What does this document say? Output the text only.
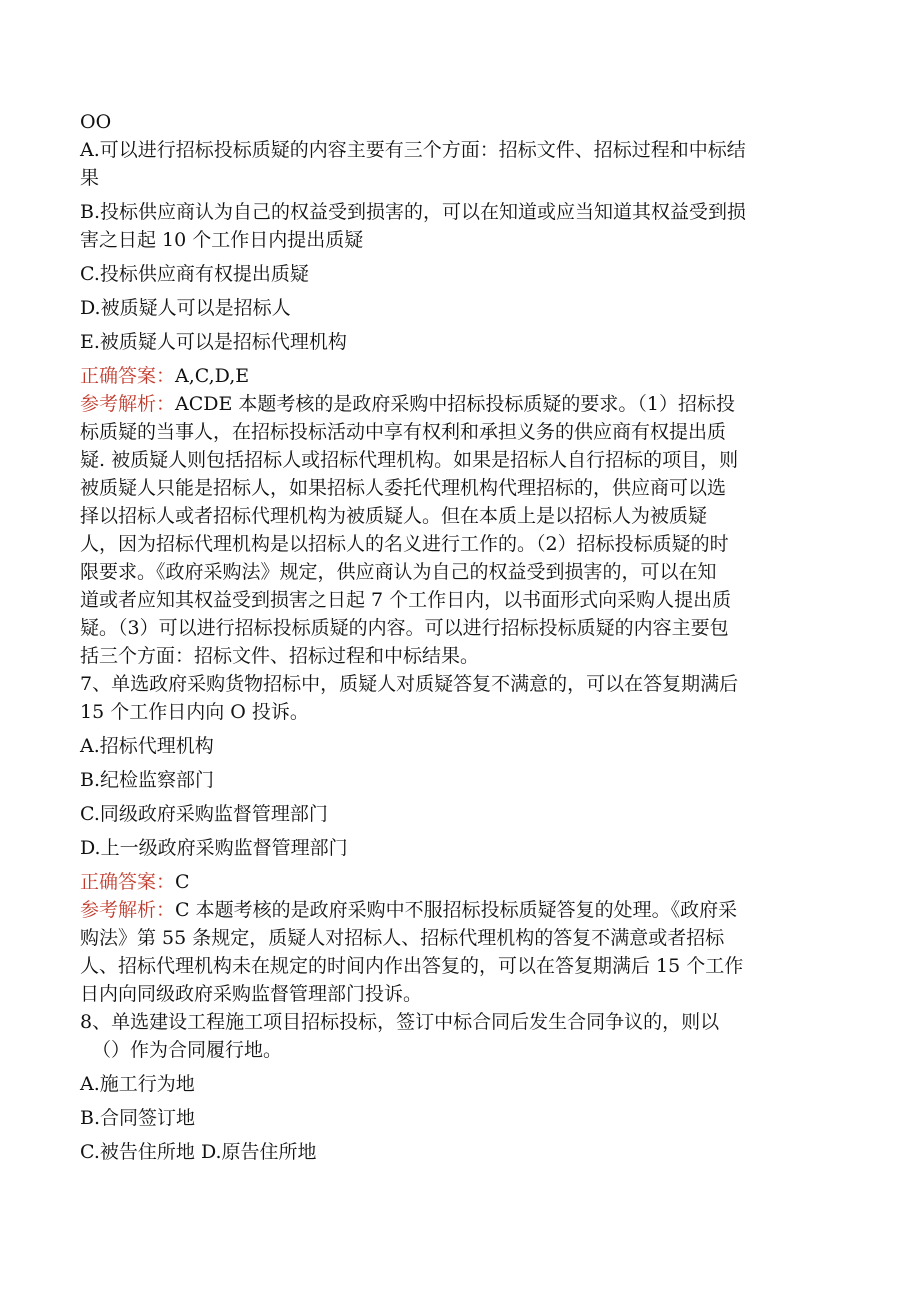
OO
A.可以进行招标投标质疑的内容主要有三个方面：招标文件、招标过程和中标结
果
B.投标供应商认为自己的权益受到损害的，可以在知道或应当知道其权益受到损
害之日起 10 个工作日内提出质疑
C.投标供应商有权提出质疑
D.被质疑人可以是招标人
E.被质疑人可以是招标代理机构
正确答案：A,C,D,E
参考解析：ACDE 本题考核的是政府采购中招标投标质疑的要求。（1）招标投
标质疑的当事人，在招标投标活动中享有权利和承担义务的供应商有权提出质
疑. 被质疑人则包括招标人或招标代理机构。如果是招标人自行招标的项目，则
被质疑人只能是招标人，如果招标人委托代理机构代理招标的，供应商可以选
择以招标人或者招标代理机构为被质疑人。但在本质上是以招标人为被质疑
人，因为招标代理机构是以招标人的名义进行工作的。（2）招标投标质疑的时
限要求。《政府采购法》规定，供应商认为自己的权益受到损害的，可以在知
道或者应知其权益受到损害之日起 7 个工作日内，以书面形式向采购人提出质
疑。（3）可以进行招标投标质疑的内容。可以进行招标投标质疑的内容主要包
括三个方面：招标文件、招标过程和中标结果。
7、单选政府采购货物招标中，质疑人对质疑答复不满意的，可以在答复期满后
15 个工作日内向 O 投诉。
A.招标代理机构
B.纪检监察部门
C.同级政府采购监督管理部门
D.上一级政府采购监督管理部门
正确答案：C
参考解析：C 本题考核的是政府采购中不服招标投标质疑答复的处理。《政府采
购法》第 55 条规定，质疑人对招标人、招标代理机构的答复不满意或者招标
人、招标代理机构未在规定的时间内作出答复的，可以在答复期满后 15 个工作
日内向同级政府采购监督管理部门投诉。
8、单选建设工程施工项目招标投标，签订中标合同后发生合同争议的，则以
（）作为合同履行地。
A.施工行为地
B.合同签订地
C.被告住所地 D.原告住所地
